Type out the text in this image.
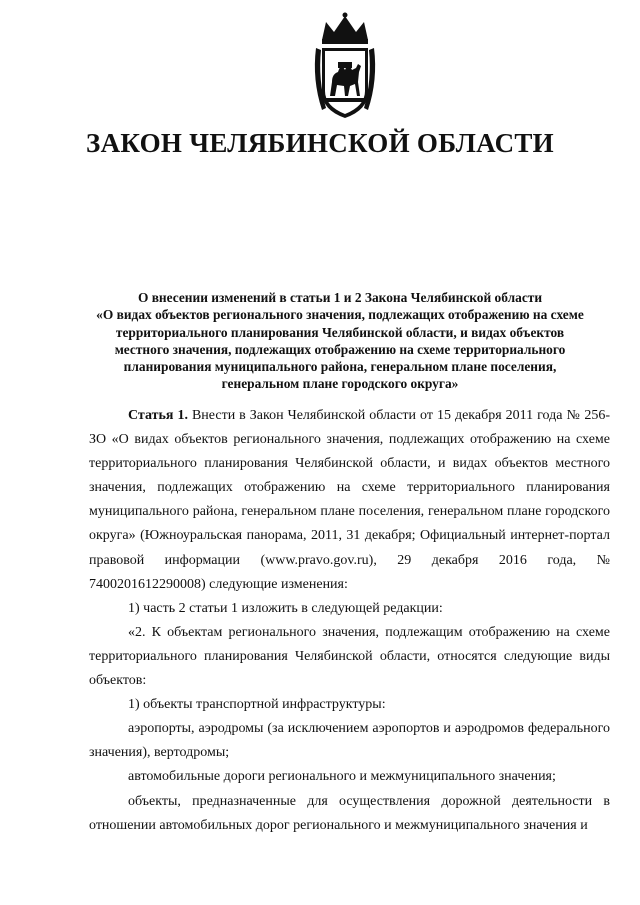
ЗАКОН ЧЕЛЯБИНСКОЙ ОБЛАСТИ
О внесении изменений в статьи 1 и 2 Закона Челябинской области
«О видах объектов регионального значения, подлежащих отображению на схеме
территориального планирования Челябинской области, и видах объектов
местного значения, подлежащих отображению на схеме территориального
планирования муниципального района, генеральном плане поселения,
генеральном плане городского округа»

Статья 1. Внести в Закон Челябинской области от 15 декабря 2011 года № 256-ЗО «О видах объектов регионального значения, подлежащих отображению на схеме территориального планирования Челябинской области, и видах объектов местного значения, подлежащих отображению на схеме территориального планирования муниципального района, генеральном плане поселения, генеральном плане городского округа» (Южноуральская панорама, 2011, 31 декабря; Официальный интернет-портал правовой информации (www.pravo.gov.ru), 29 декабря 2016 года, № 7400201612290008) следующие изменения:

1) часть 2 статьи 1 изложить в следующей редакции:

«2. К объектам регионального значения, подлежащим отображению на схеме территориального планирования Челябинской области, относятся следующие виды объектов:

1) объекты транспортной инфраструктуры:

аэропорты, аэродромы (за исключением аэропортов и аэродромов федерального значения), вертодромы;

автомобильные дороги регионального и межмуниципального значения;

объекты, предназначенные для осуществления дорожной деятельности в отношении автомобильных дорог регионального и межмуниципального значения и
